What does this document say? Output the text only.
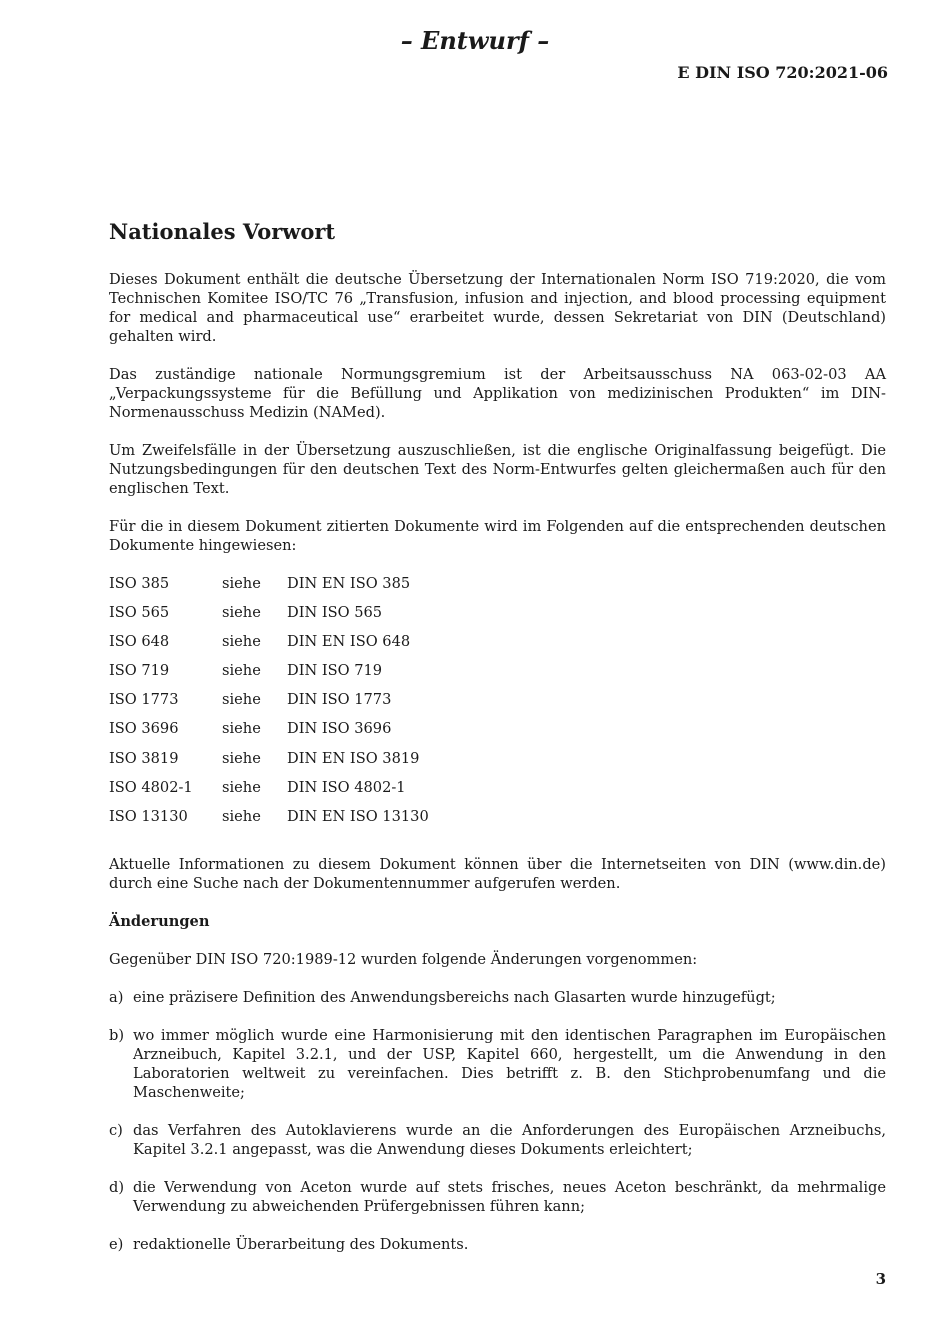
– Entwurf –
E DIN ISO 720:2021-06
Nationales Vorwort

Dieses Dokument enthält die deutsche Übersetzung der Internationalen Norm ISO 719:2020, die vom Technischen Komitee ISO/TC 76 „Transfusion, infusion and injection, and blood processing equipment for medical and pharmaceutical use“ erarbeitet wurde, dessen Sekretariat von DIN (Deutschland) gehalten wird.

Das zuständige nationale Normungsgremium ist der Arbeitsausschuss NA 063-02-03 AA „Verpackungssysteme für die Befüllung und Applikation von medizinischen Produkten“ im DIN-Normenausschuss Medizin (NAMed).

Um Zweifelsfälle in der Übersetzung auszuschließen, ist die englische Originalfassung beigefügt. Die Nutzungsbedingungen für den deutschen Text des Norm-Entwurfes gelten gleichermaßen auch für den englischen Text.

Für die in diesem Dokument zitierten Dokumente wird im Folgenden auf die entsprechenden deutschen Dokumente hingewiesen:

ISO 385	siehe	DIN EN ISO 385
ISO 565	siehe	DIN ISO 565
ISO 648	siehe	DIN EN ISO 648
ISO 719	siehe	DIN ISO 719
ISO 1773	siehe	DIN ISO 1773
ISO 3696	siehe	DIN ISO 3696
ISO 3819	siehe	DIN EN ISO 3819
ISO 4802-1	siehe	DIN ISO 4802-1
ISO 13130	siehe	DIN EN ISO 13130

Aktuelle Informationen zu diesem Dokument können über die Internetseiten von DIN (www.din.de) durch eine Suche nach der Dokumentennummer aufgerufen werden.

Änderungen

Gegenüber DIN ISO 720:1989-12 wurden folgende Änderungen vorgenommen:

a) eine präzisere Definition des Anwendungsbereichs nach Glasarten wurde hinzugefügt;
b) wo immer möglich wurde eine Harmonisierung mit den identischen Paragraphen im Europäischen Arzneibuch, Kapitel 3.2.1, und der USP, Kapitel 660, hergestellt, um die Anwendung in den Laboratorien weltweit zu vereinfachen. Dies betrifft z. B. den Stichprobenumfang und die Maschenweite;
c) das Verfahren des Autoklavierens wurde an die Anforderungen des Europäischen Arzneibuchs, Kapitel 3.2.1 angepasst, was die Anwendung dieses Dokuments erleichtert;
d) die Verwendung von Aceton wurde auf stets frisches, neues Aceton beschränkt, da mehrmalige Verwendung zu abweichenden Prüfergebnissen führen kann;
e) redaktionelle Überarbeitung des Dokuments.
3
